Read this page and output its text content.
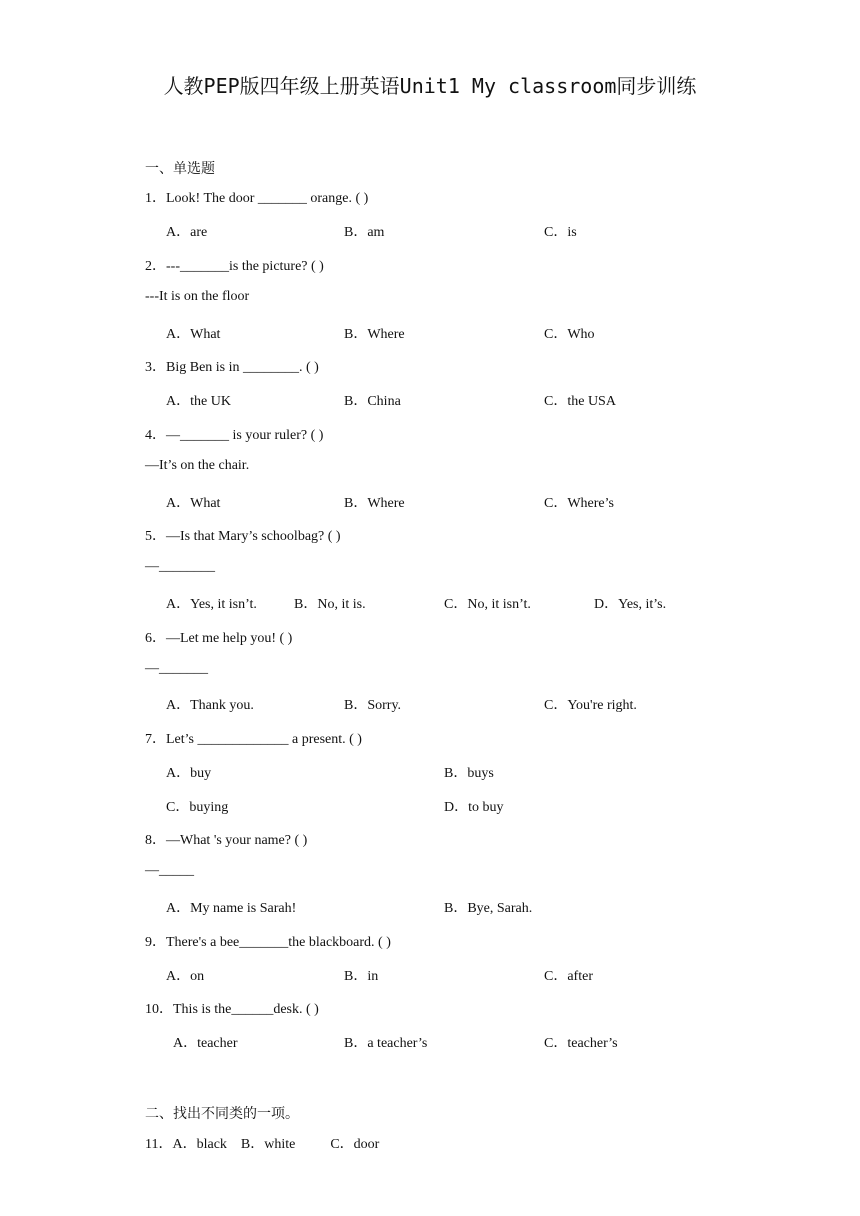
人教PEP版四年级上册英语Unit1 My classroom同步训练
一、单选题
1．Look! The door _______ orange. ( )
A．are	B．am	C．is
2．---_______is the picture? ( )
---It is on the floor
A．What	B．Where	C．Who
3．Big Ben is in ________. ( )
A．the UK	B．China	C．the USA
4．—_______ is your ruler? ( )
—It’s on the chair.
A．What	B．Where	C．Where’s
5．—Is that Mary’s schoolbag? ( )
—________
A．Yes, it isn’t.	B．No, it is.	C．No, it isn’t.	D．Yes, it’s.
6．—Let me help you! ( )
—_______
A．Thank you.	B．Sorry.	C．You're right.
7．Let’s _____________ a present. ( )
A．buy	B．buys
C．buying	D．to buy
8．—What 's your name? ( )
—_____
A．My name is Sarah!	B．Bye, Sarah.
9．There's a bee_______the blackboard. ( )
A．on	B．in	C．after
10．This is the______desk. ( )
A．teacher	B．a teacher’s	C．teacher’s
二、找出不同类的一项。
11．A．black    B．white          C．door
